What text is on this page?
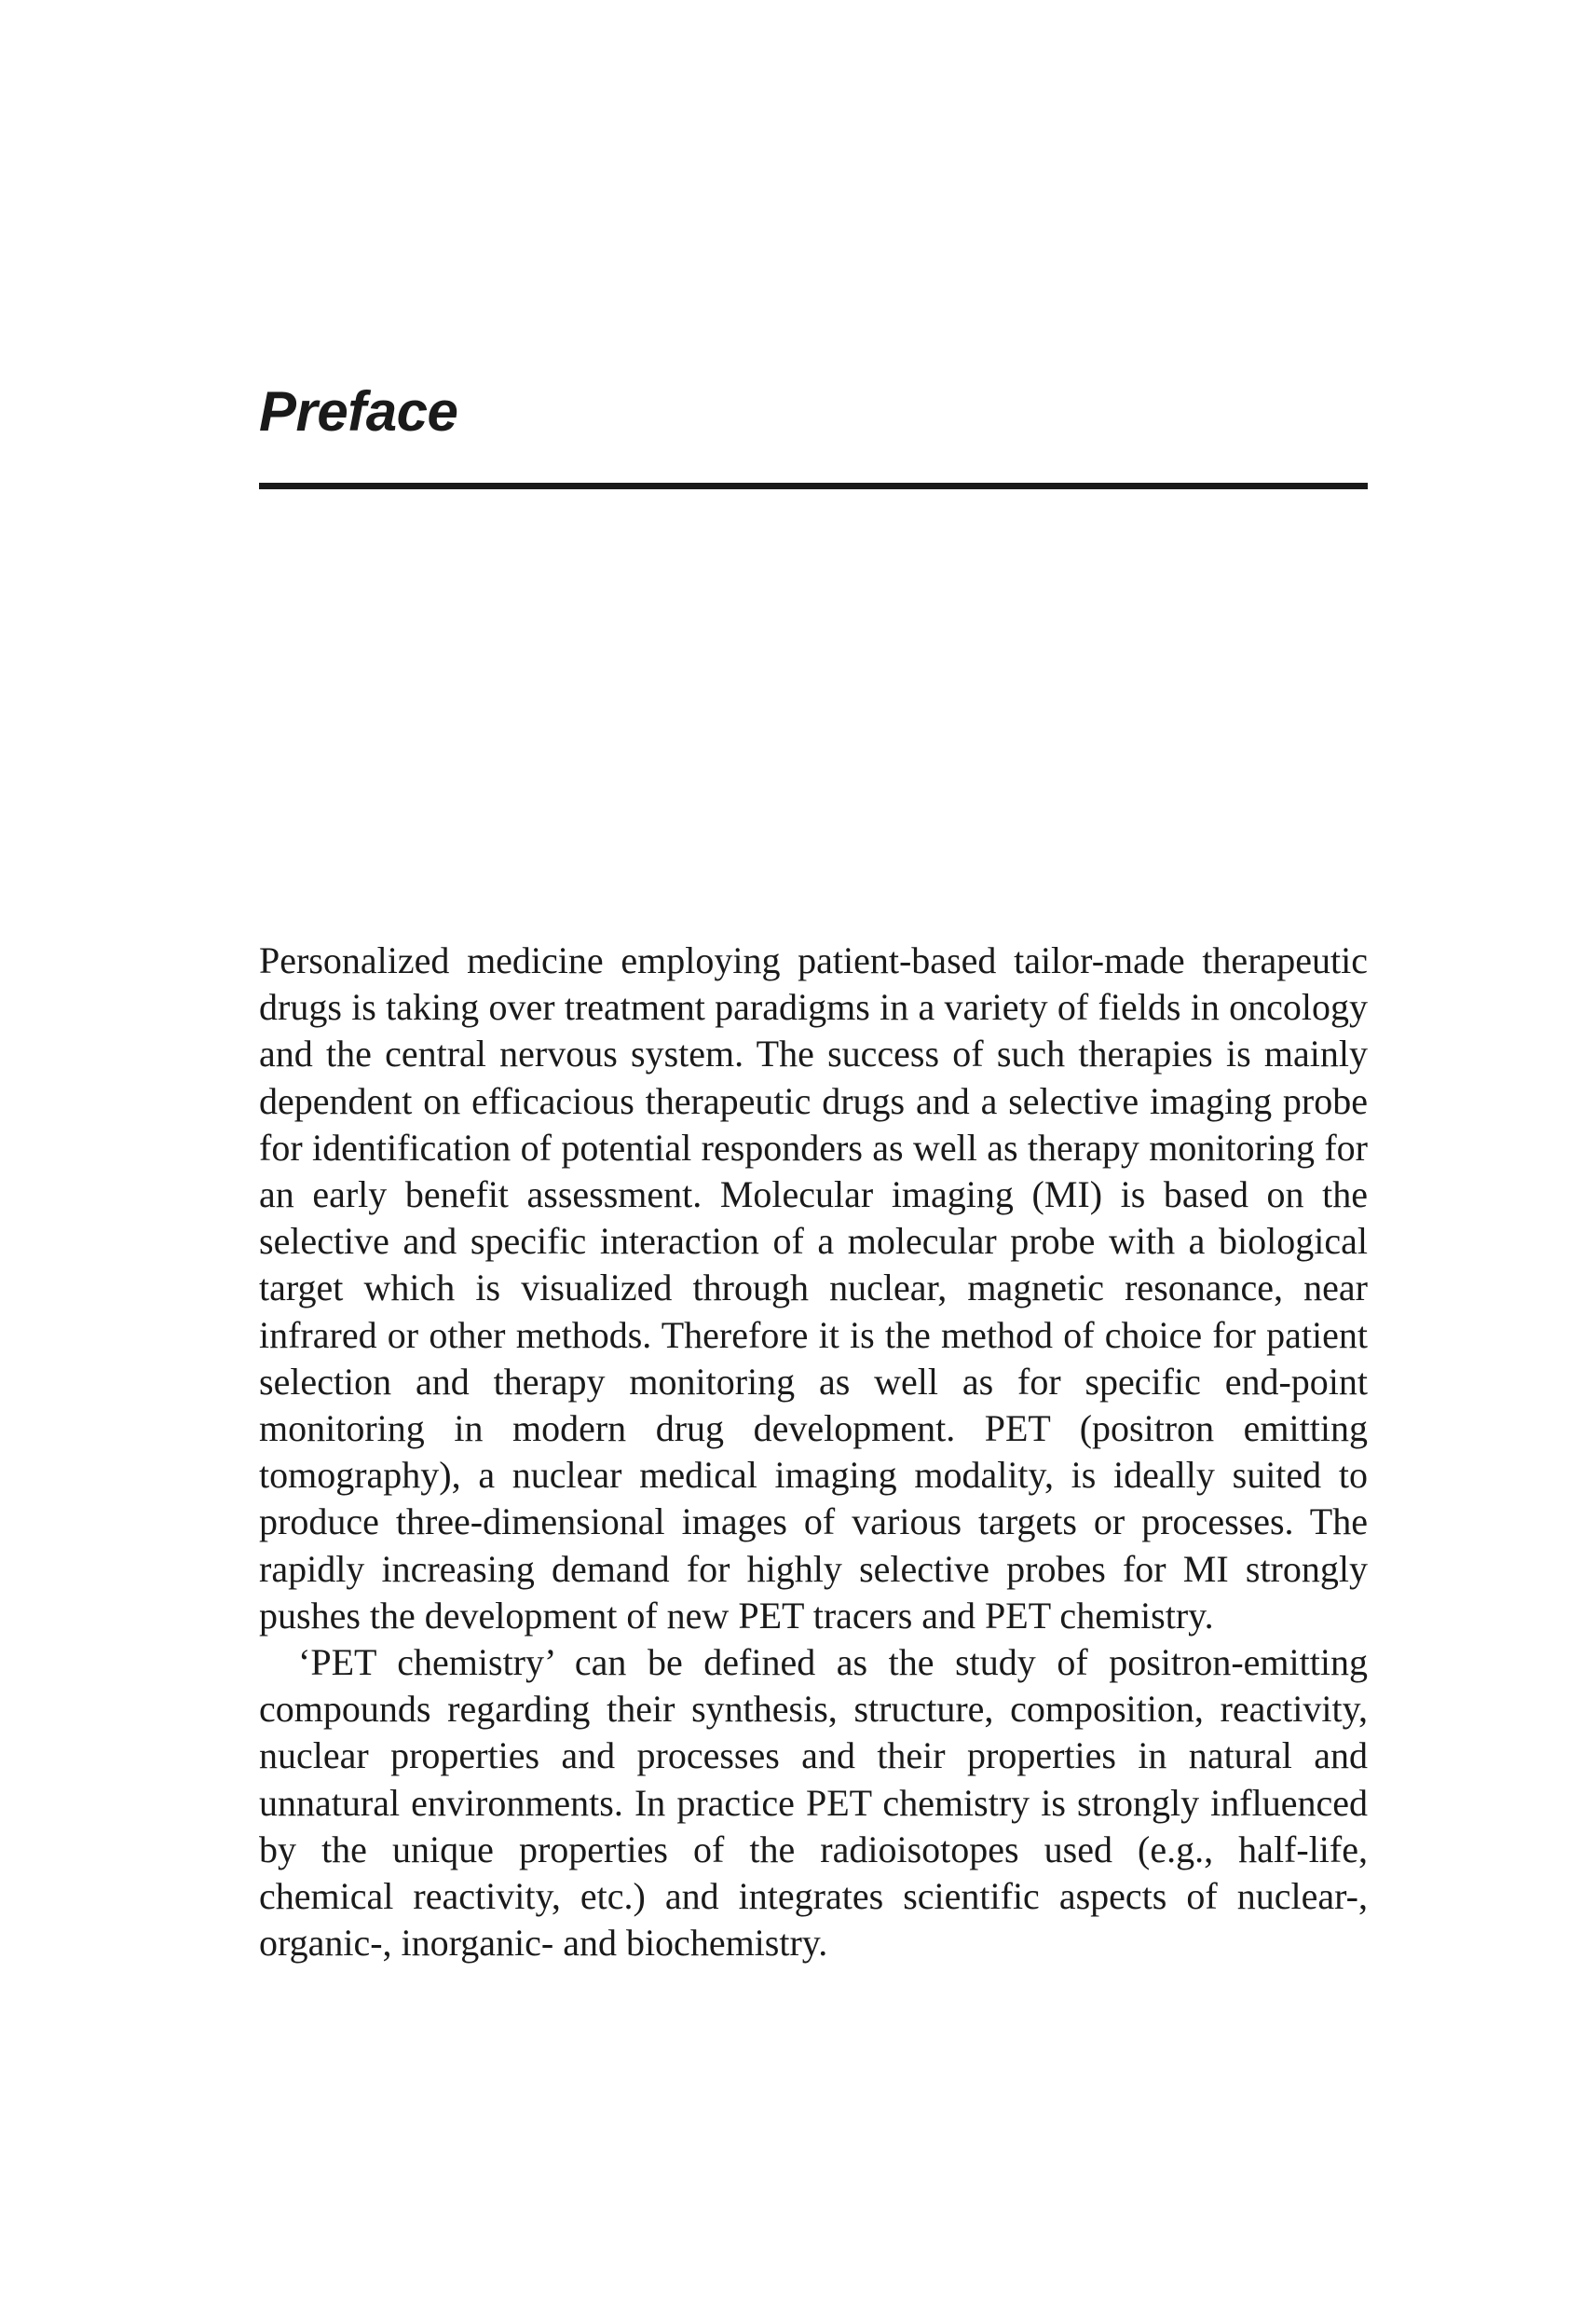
Preface

Personalized medicine employing patient-based tailor-made therapeutic drugs is taking over treatment paradigms in a variety of fields in oncology and the central nervous system. The success of such therapies is mainly dependent on efficacious therapeutic drugs and a selective imaging probe for identification of potential responders as well as therapy monitoring for an early benefit assessment. Molecular imaging (MI) is based on the selective and specific interaction of a molecular probe with a biological target which is visualized through nuclear, magnetic resonance, near infrared or other methods. Therefore it is the method of choice for patient selection and therapy monitoring as well as for specific end-point monitoring in modern drug development. PET (positron emitting tomography), a nuclear medical imaging modality, is ideally suited to produce three-dimensional images of various targets or processes. The rapidly increasing demand for highly selective probes for MI strongly pushes the development of new PET tracers and PET chemistry.

‘PET chemistry’ can be defined as the study of positron-emitting compounds regarding their synthesis, structure, composition, reactivity, nuclear properties and processes and their properties in natural and unnatural environments. In practice PET chemistry is strongly influenced by the unique properties of the radioisotopes used (e.g., half-life, chemical reactivity, etc.) and integrates scientific aspects of nuclear-, organic-, inorganic- and biochemistry.
